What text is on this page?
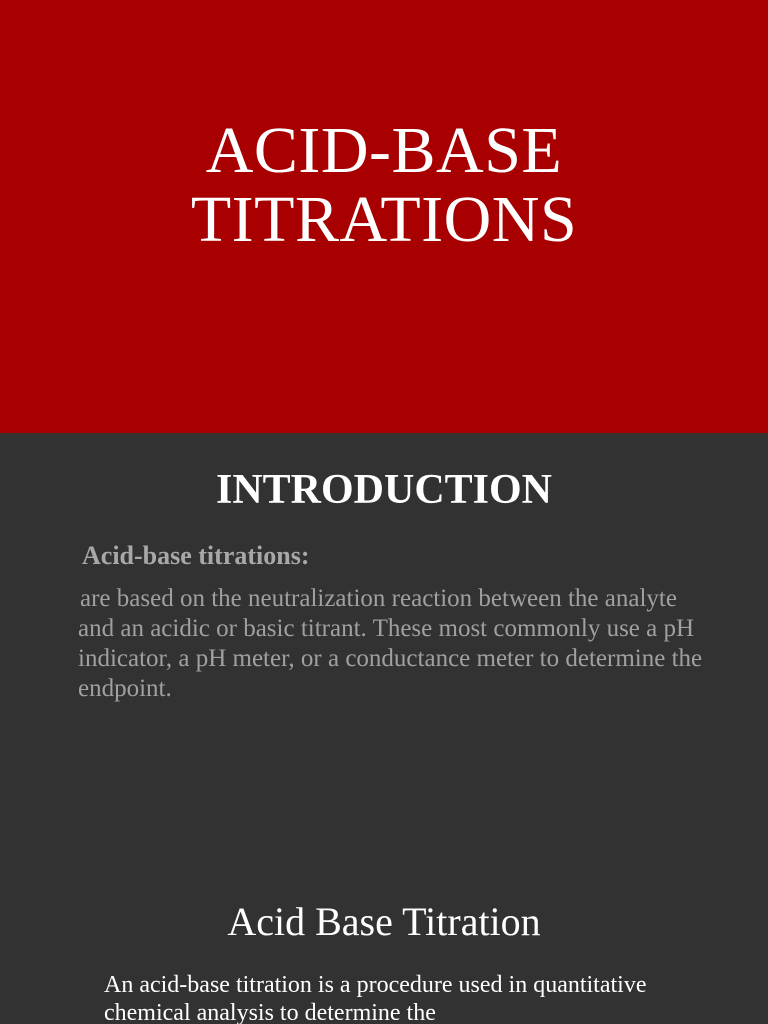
ACID-BASE
TITRATIONS
INTRODUCTION

Acid-base titrations:

are based on the neutralization reaction between the analyte and an acidic or basic titrant. These most commonly use a pH indicator, a pH meter, or a conductance meter to determine the endpoint.

Acid Base Titration

An acid-base titration is a procedure used in quantitative chemical analysis to determine the
